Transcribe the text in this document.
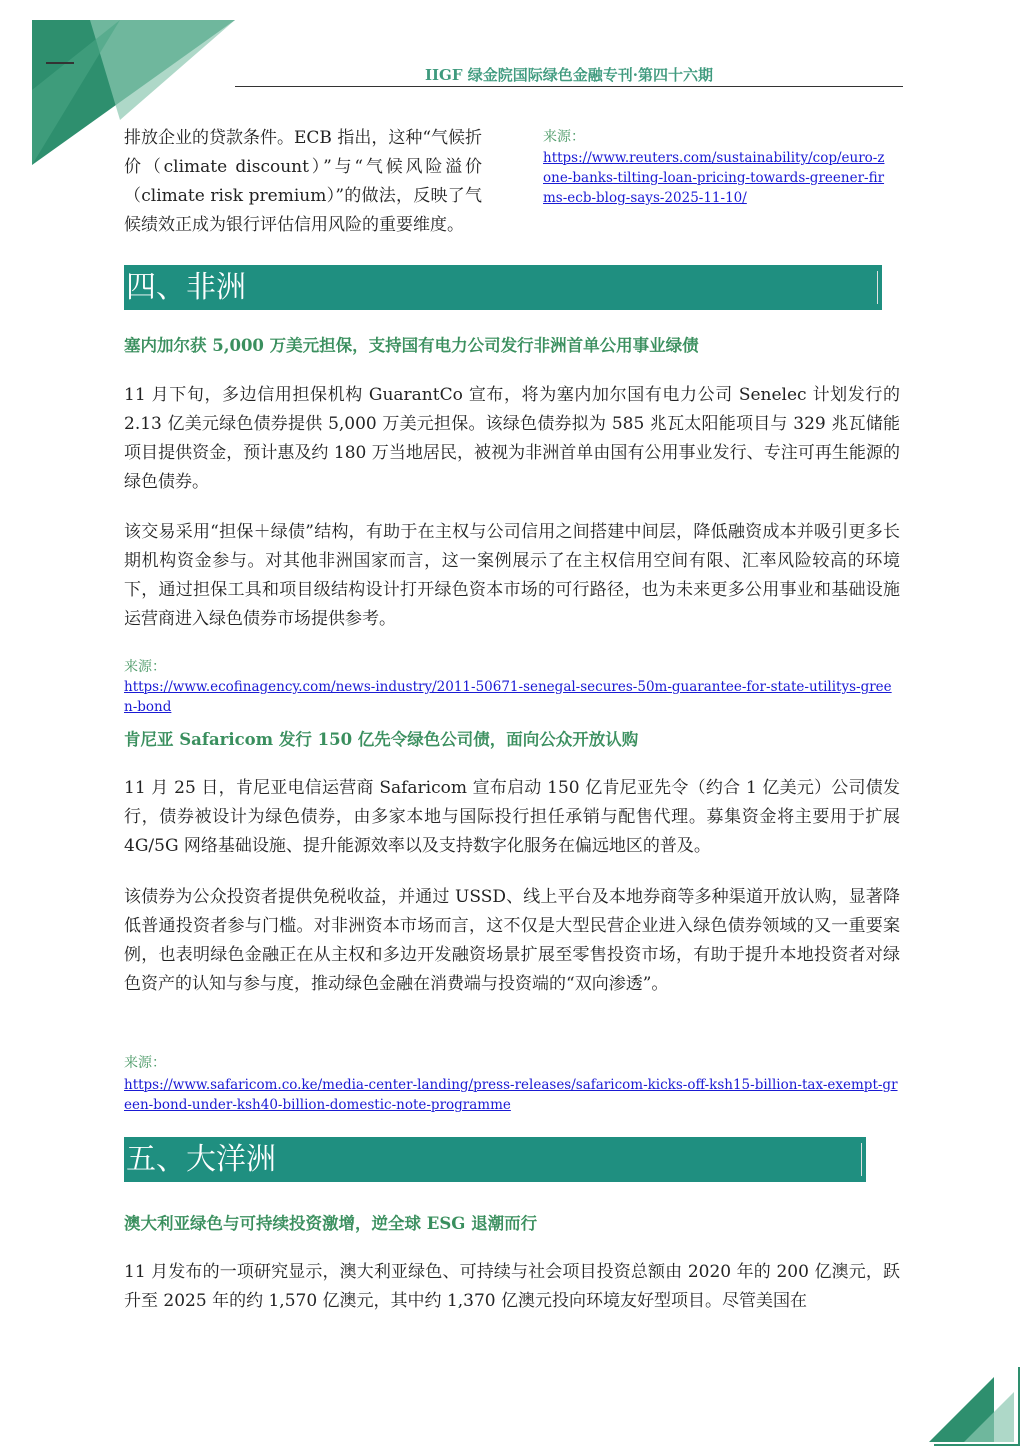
IIGF 绿金院国际绿色金融专刊·第四十六期

排放企业的贷款条件。ECB 指出，这种“气候折价（climate discount）”与“气候风险溢价（climate risk premium）”的做法，反映了气候绩效正成为银行评估信用风险的重要维度。

来源：

https://www.reuters.com/sustainability/cop/euro-zone-banks-tilting-loan-pricing-towards-greener-firms-ecb-blog-says-2025-11-10/
四、非洲

塞内加尔获 5,000 万美元担保，支持国有电力公司发行非洲首单公用事业绿债

11 月下旬，多边信用担保机构 GuarantCo 宣布，将为塞内加尔国有电力公司 Senelec 计划发行的 2.13 亿美元绿色债券提供 5,000 万美元担保。该绿色债券拟为 585 兆瓦太阳能项目与 329 兆瓦储能项目提供资金，预计惠及约 180 万当地居民，被视为非洲首单由国有公用事业发行、专注可再生能源的绿色债券。

该交易采用“担保＋绿债”结构，有助于在主权与公司信用之间搭建中间层，降低融资成本并吸引更多长期机构资金参与。对其他非洲国家而言，这一案例展示了在主权信用空间有限、汇率风险较高的环境下，通过担保工具和项目级结构设计打开绿色资本市场的可行路径，也为未来更多公用事业和基础设施运营商进入绿色债券市场提供参考。

来源：

https://www.ecofinagency.com/news-industry/2011-50671-senegal-secures-50m-guarantee-for-state-utilitys-green-bond

肯尼亚 Safaricom 发行 150 亿先令绿色公司债，面向公众开放认购

11 月 25 日，肯尼亚电信运营商 Safaricom 宣布启动 150 亿肯尼亚先令（约合 1 亿美元）公司债发行，债券被设计为绿色债券，由多家本地与国际投行担任承销与配售代理。募集资金将主要用于扩展 4G/5G 网络基础设施、提升能源效率以及支持数字化服务在偏远地区的普及。

该债券为公众投资者提供免税收益，并通过 USSD、线上平台及本地券商等多种渠道开放认购，显著降低普通投资者参与门槛。对非洲资本市场而言，这不仅是大型民营企业进入绿色债券领域的又一重要案例，也表明绿色金融正在从主权和多边开发融资场景扩展至零售投资市场，有助于提升本地投资者对绿色资产的认知与参与度，推动绿色金融在消费端与投资端的“双向渗透”。

来源：

https://www.safaricom.co.ke/media-center-landing/press-releases/safaricom-kicks-off-ksh15-billion-tax-exempt-green-bond-under-ksh40-billion-domestic-note-programme
五、大洋洲

澳大利亚绿色与可持续投资激增，逆全球 ESG 退潮而行

11 月发布的一项研究显示，澳大利亚绿色、可持续与社会项目投资总额由 2020 年的 200 亿澳元，跃升至 2025 年的约 1,570 亿澳元，其中约 1,370 亿澳元投向环境友好型项目。尽管美国在
